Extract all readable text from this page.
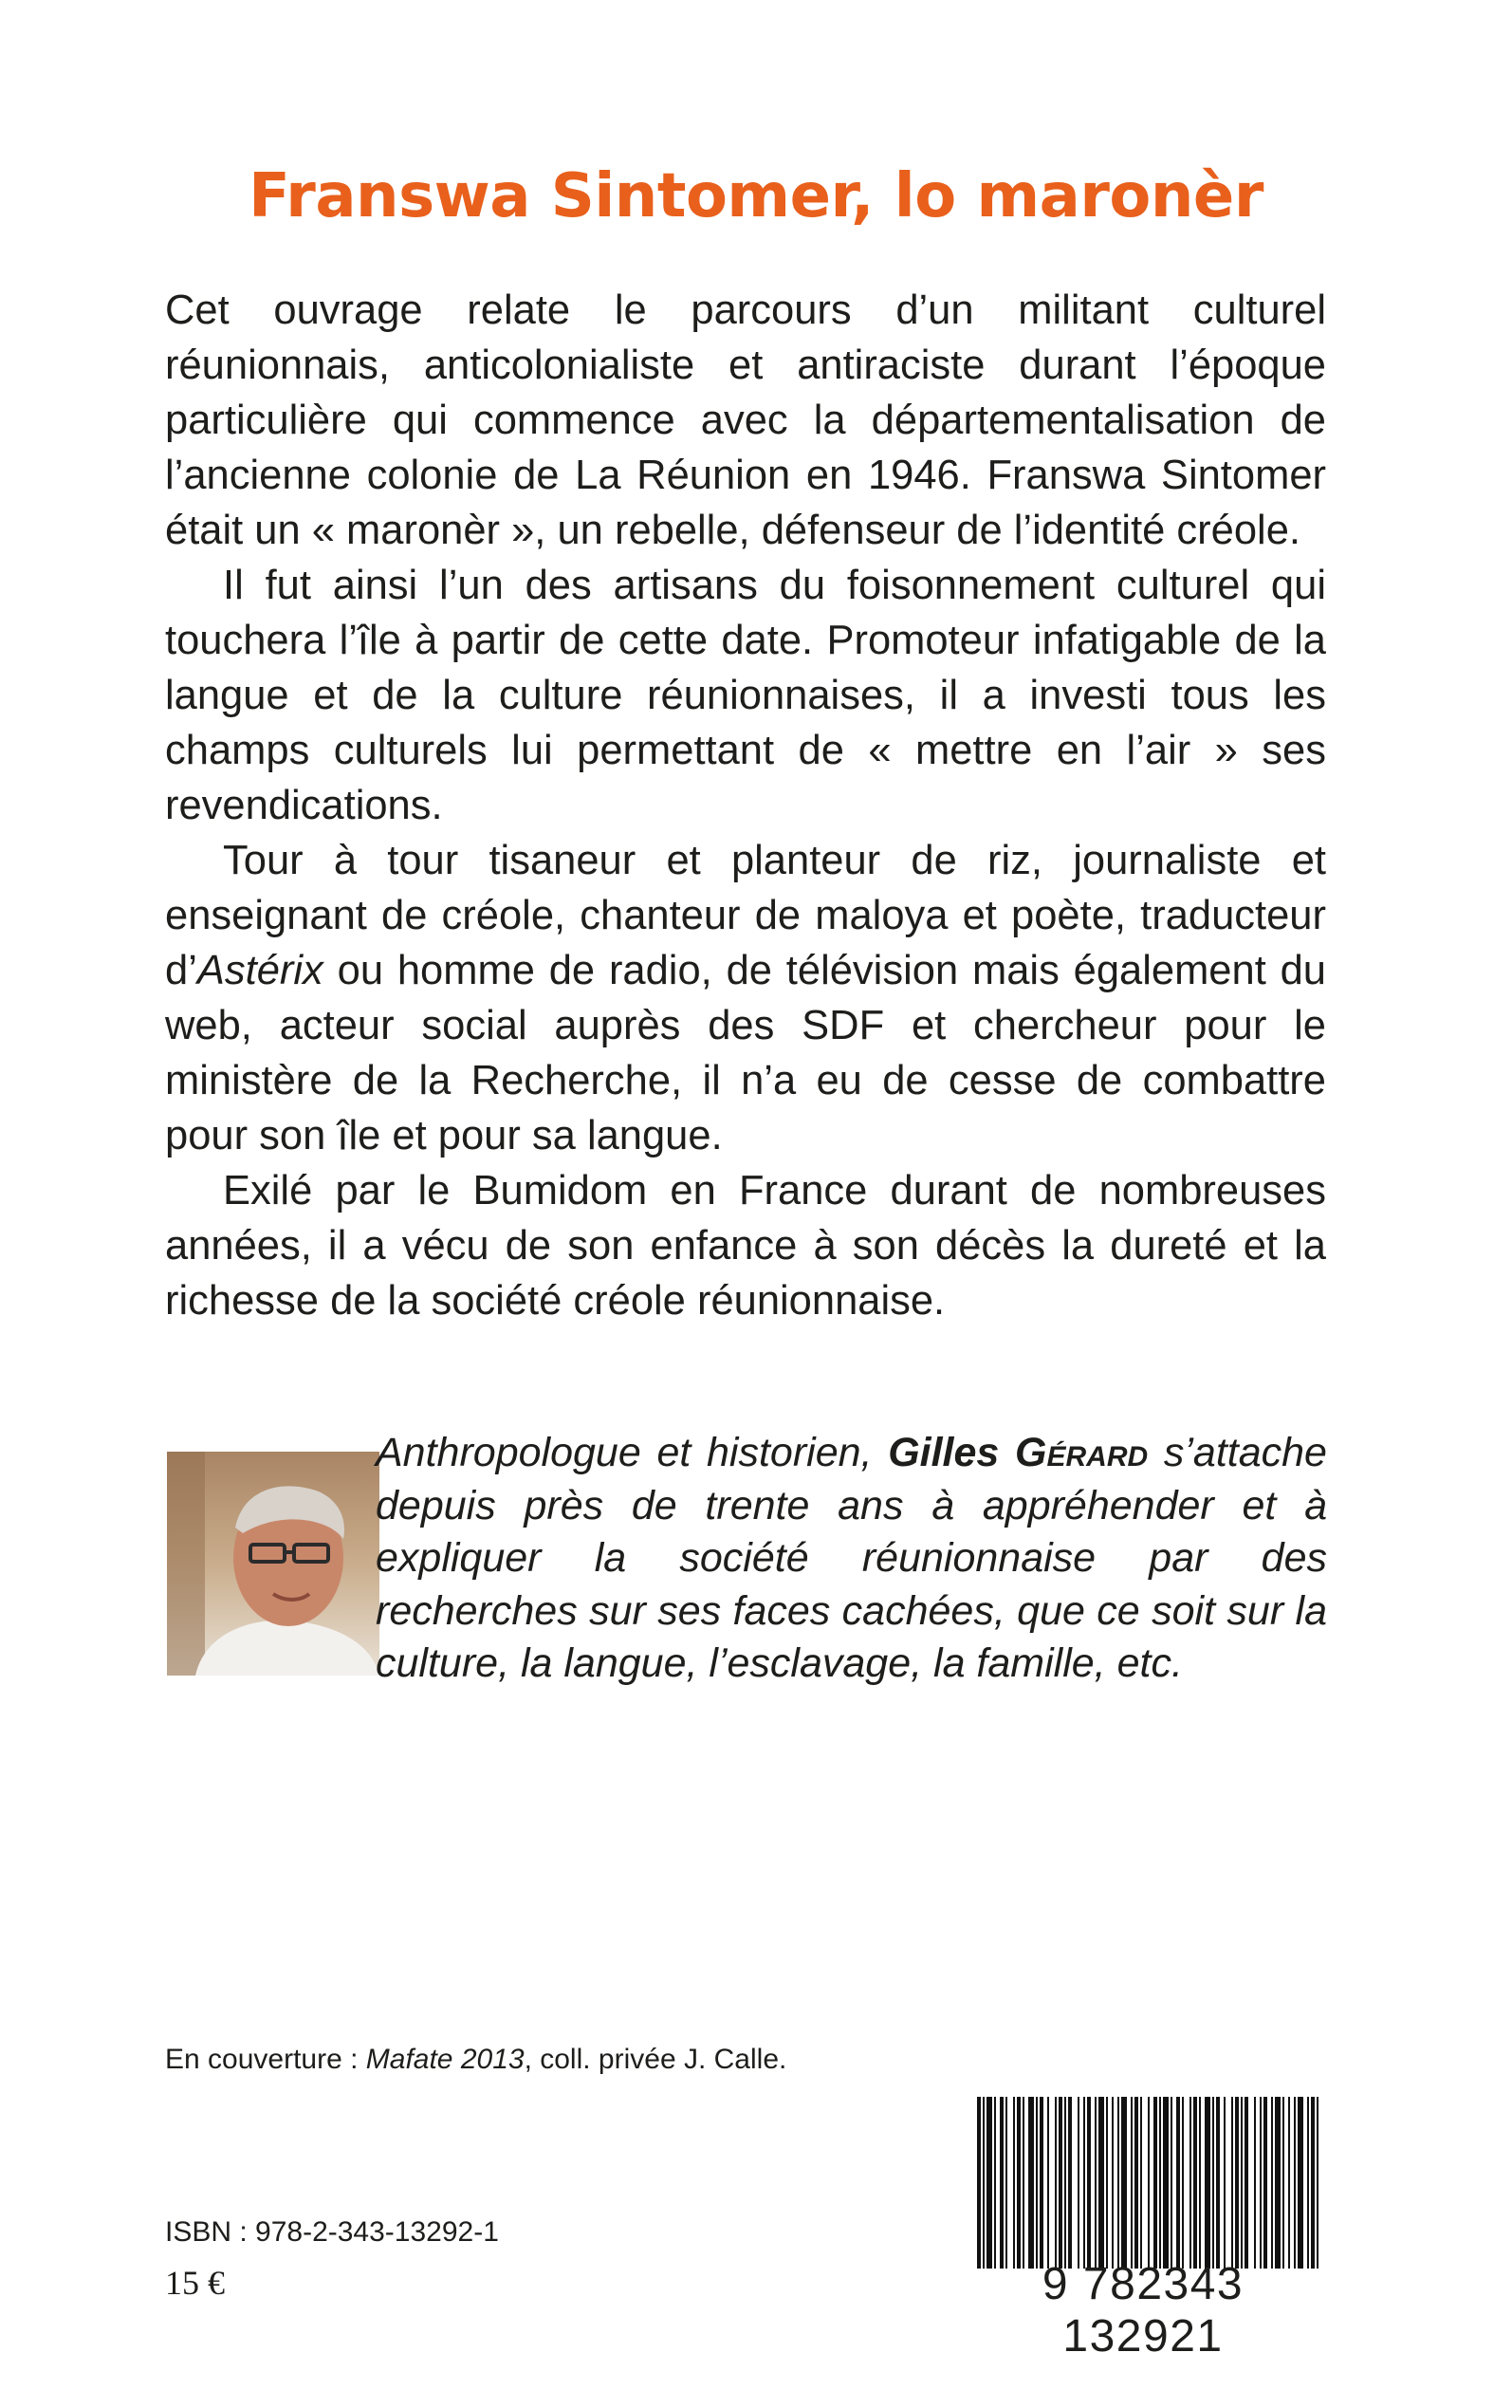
Franswa Sintomer, lo maronèr

Cet ouvrage relate le parcours d’un militant culturel réunionnais, anticolonialiste et antiraciste durant l’époque particulière qui commence avec la départementalisation de l’ancienne colonie de La Réunion en 1946. Franswa Sintomer était un « maronèr », un rebelle, défenseur de l’identité créole.

Il fut ainsi l’un des artisans du foisonnement culturel qui touchera l’île à partir de cette date. Promoteur infatigable de la langue et de la culture réunionnaises, il a investi tous les champs culturels lui permettant de « mettre en l’air » ses revendications.

Tour à tour tisaneur et planteur de riz, journaliste et enseignant de créole, chanteur de maloya et poète, traducteur d’Astérix ou homme de radio, de télévision mais également du web, acteur social auprès des SDF et chercheur pour le ministère de la Recherche, il n’a eu de cesse de combattre pour son île et pour sa langue.

Exilé par le Bumidom en France durant de nombreuses années, il a vécu de son enfance à son décès la dureté et la richesse de la société créole réunionnaise.

Anthropologue et historien, Gilles Gérard s’attache depuis près de trente ans à appréhender et à expliquer la société réunionnaise par des recherches sur ses faces cachées, que ce soit sur la culture, la langue, l’esclavage, la famille, etc.
En couverture : Mafate 2013, coll. privée J. Calle.
ISBN : 978-2-343-13292-1
15 €	9 782343 132921
